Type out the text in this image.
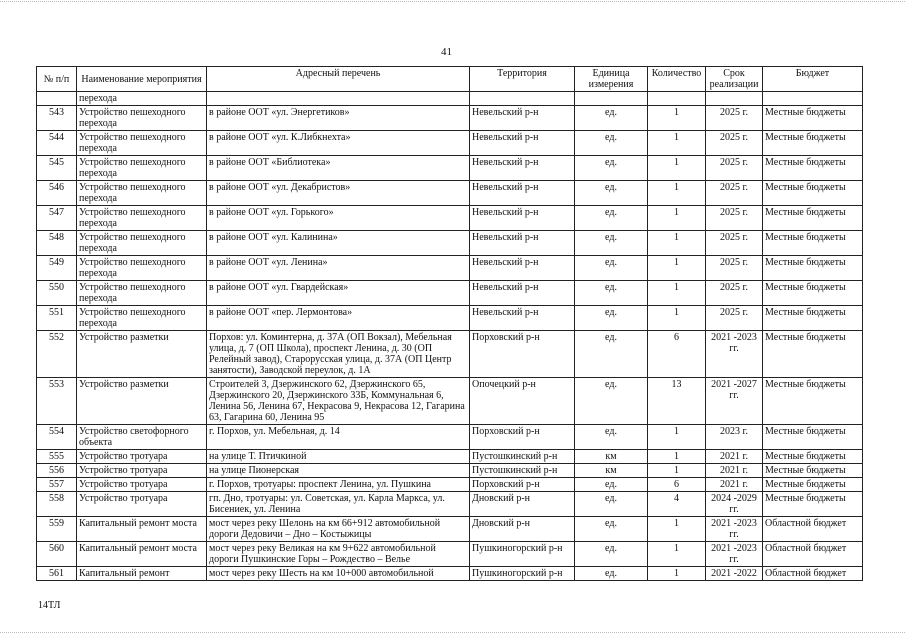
41
№ п/п	Наименование мероприятия	Адресный перечень	Территория	Единица измерения	Количество	Срок реализации	Бюджет
	перехода						
543	Устройство пешеходного перехода	в районе ООТ «ул. Энергетиков»	Невельский р-н	ед.	1	2025 г.	Местные бюджеты
544	Устройство пешеходного перехода	в районе ООТ «ул. К.Либкнехта»	Невельский р-н	ед.	1	2025 г.	Местные бюджеты
545	Устройство пешеходного перехода	в районе ООТ «Библиотека»	Невельский р-н	ед.	1	2025 г.	Местные бюджеты
546	Устройство пешеходного перехода	в районе ООТ «ул. Декабристов»	Невельский р-н	ед.	1	2025 г.	Местные бюджеты
547	Устройство пешеходного перехода	в районе ООТ «ул. Горького»	Невельский р-н	ед.	1	2025 г.	Местные бюджеты
548	Устройство пешеходного перехода	в районе ООТ «ул. Калинина»	Невельский р-н	ед.	1	2025 г.	Местные бюджеты
549	Устройство пешеходного перехода	в районе ООТ «ул. Ленина»	Невельский р-н	ед.	1	2025 г.	Местные бюджеты
550	Устройство пешеходного перехода	в районе ООТ «ул. Гвардейская»	Невельский р-н	ед.	1	2025 г.	Местные бюджеты
551	Устройство пешеходного перехода	в районе ООТ «пер. Лермонтова»	Невельский р-н	ед.	1	2025 г.	Местные бюджеты
552	Устройство разметки	Порхов: ул. Коминтерна, д. 37А (ОП Вокзал), Мебельная улица, д. 7 (ОП Школа), проспект Ленина, д. 30 (ОП Релейный завод), Старорусская улица, д. 37А (ОП Центр занятости), Заводской переулок, д. 1А	Порховский р-н	ед.	6	2021 -2023 гг.	Местные бюджеты
553	Устройство разметки	Строителей 3, Дзержинского 62, Дзержинского 65, Дзержинского 20, Дзержинского 33Б, Коммунальная 6, Ленина 56, Ленина 67, Некрасова 9, Некрасова 12, Гагарина 63, Гагарина 60, Ленина 95	Опочецкий р-н	ед.	13	2021 -2027 гг.	Местные бюджеты
554	Устройство светофорного объекта	г. Порхов, ул. Мебельная, д. 14	Порховский р-н	ед.	1	2023 г.	Местные бюджеты
555	Устройство тротуара	на улице Т. Птичкиной	Пустошкинский р-н	км	1	2021 г.	Местные бюджеты
556	Устройство тротуара	на улице Пионерская	Пустошкинский р-н	км	1	2021 г.	Местные бюджеты
557	Устройство тротуара	г. Порхов, тротуары: проспект Ленина, ул. Пушкина	Порховский р-н	ед.	6	2021 г.	Местные бюджеты
558	Устройство тротуара	гп. Дно, тротуары: ул. Советская, ул. Карла Маркса, ул. Бисениек, ул. Ленина	Дновский р-н	ед.	4	2024 -2029 гг.	Местные бюджеты
559	Капитальный ремонт моста	мост через реку Шелонь на км 66+912 автомобильной дороги Дедовичи – Дно – Костыжицы	Дновский р-н	ед.	1	2021 -2023 гг.	Областной бюджет
560	Капитальный ремонт моста	мост через реку Великая на км 9+622 автомобильной дороги Пушкинские Горы – Рождество – Велье	Пушкиногорский р-н	ед.	1	2021 -2023 гг.	Областной бюджет
561	Капитальный ремонт	мост через реку Шесть на км 10+000 автомобильной	Пушкиногорский р-н	ед.	1	2021 -2022	Областной бюджет
14ТЛ
